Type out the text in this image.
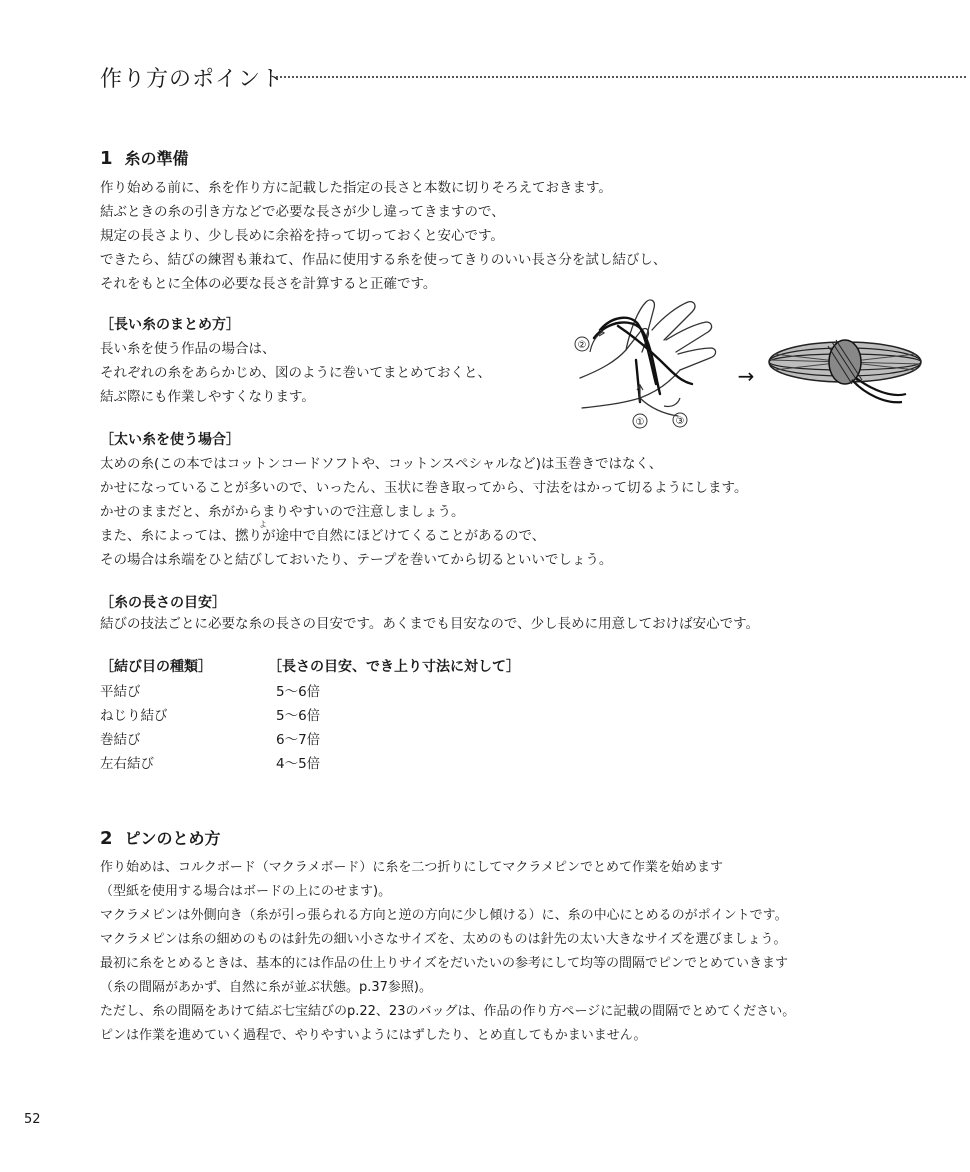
作り方のポイント
1 糸の準備
作り始める前に、糸を作り方に記載した指定の長さと本数に切りそろえておきます。
結ぶときの糸の引き方などで必要な長さが少し違ってきますので、
規定の長さより、少し長めに余裕を持って切っておくと安心です。
できたら、結びの練習も兼ねて、作品に使用する糸を使ってきりのいい長さ分を試し結びし、
それをもとに全体の必要な長さを計算すると正確です。
［長い糸のまとめ方］
長い糸を使う作品の場合は、
それぞれの糸をあらかじめ、図のように巻いてまとめておくと、
結ぶ際にも作業しやすくなります。
②
①	③
→
［太い糸を使う場合］
太めの糸(この本ではコットンコードソフトや、コットンスペシャルなど)は玉巻きではなく、
かせになっていることが多いので、いったん、玉状に巻き取ってから、寸法をはかって切るようにします。
かせのままだと、糸がからまりやすいので注意しましょう。
また、糸によっては、撚りが途中で自然にほどけてくることがあるので、
その場合は糸端をひと結びしておいたり、テープを巻いてから切るといいでしょう。
よ
［糸の長さの目安］
結びの技法ごとに必要な糸の長さの目安です。あくまでも目安なので、少し長めに用意しておけば安心です。
［結び目の種類］	［長さの目安、でき上り寸法に対して］
平結び	5〜6倍
ねじり結び	5〜6倍
巻結び	6〜7倍
左右結び	4〜5倍
2 ピンのとめ方
作り始めは、コルクボード（マクラメボード）に糸を二つ折りにしてマクラメピンでとめて作業を始めます
（型紙を使用する場合はボードの上にのせます)。
マクラメピンは外側向き（糸が引っ張られる方向と逆の方向に少し傾ける）に、糸の中心にとめるのがポイントです。
マクラメピンは糸の細めのものは針先の細い小さなサイズを、太めのものは針先の太い大きなサイズを選びましょう。
最初に糸をとめるときは、基本的には作品の仕上りサイズをだいたいの参考にして均等の間隔でピンでとめていきます
（糸の間隔があかず、自然に糸が並ぶ状態。p.37参照)。
ただし、糸の間隔をあけて結ぶ七宝結びのp.22、23のバッグは、作品の作り方ページに記載の間隔でとめてください。
ピンは作業を進めていく過程で、やりやすいようにはずしたり、とめ直してもかまいません。
52
